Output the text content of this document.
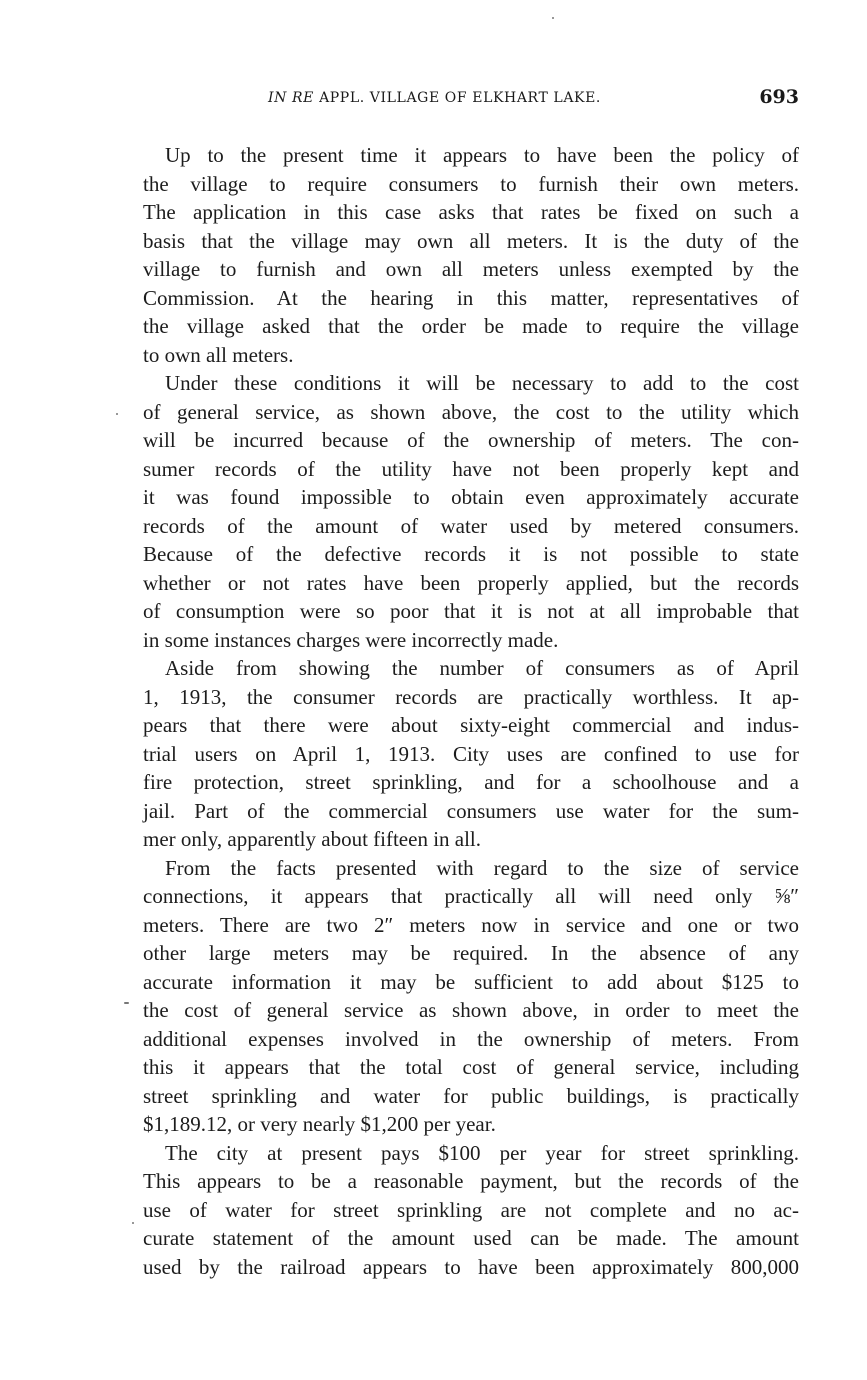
IN RE APPL. VILLAGE OF ELKHART LAKE.	693
Up to the present time it appears to have been the policy of
the village to require consumers to furnish their own meters.
The application in this case asks that rates be fixed on such a
basis that the village may own all meters. It is the duty of the
village to furnish and own all meters unless exempted by the
Commission. At the hearing in this matter, representatives of
the village asked that the order be made to require the village
to own all meters.
Under these conditions it will be necessary to add to the cost
of general service, as shown above, the cost to the utility which
will be incurred because of the ownership of meters. The con-
sumer records of the utility have not been properly kept and
it was found impossible to obtain even approximately accurate
records of the amount of water used by metered consumers.
Because of the defective records it is not possible to state
whether or not rates have been properly applied, but the records
of consumption were so poor that it is not at all improbable that
in some instances charges were incorrectly made.
Aside from showing the number of consumers as of April
1, 1913, the consumer records are practically worthless. It ap-
pears that there were about sixty-eight commercial and indus-
trial users on April 1, 1913. City uses are confined to use for
fire protection, street sprinkling, and for a schoolhouse and a
jail. Part of the commercial consumers use water for the sum-
mer only, apparently about fifteen in all.
From the facts presented with regard to the size of service
connections, it appears that practically all will need only ⅝″
meters. There are two 2″ meters now in service and one or two
other large meters may be required. In the absence of any
accurate information it may be sufficient to add about $125 to
the cost of general service as shown above, in order to meet the
additional expenses involved in the ownership of meters. From
this it appears that the total cost of general service, including
street sprinkling and water for public buildings, is practically
$1,189.12, or very nearly $1,200 per year.
The city at present pays $100 per year for street sprinkling.
This appears to be a reasonable payment, but the records of the
use of water for street sprinkling are not complete and no ac-
curate statement of the amount used can be made. The amount
used by the railroad appears to have been approximately 800,000
